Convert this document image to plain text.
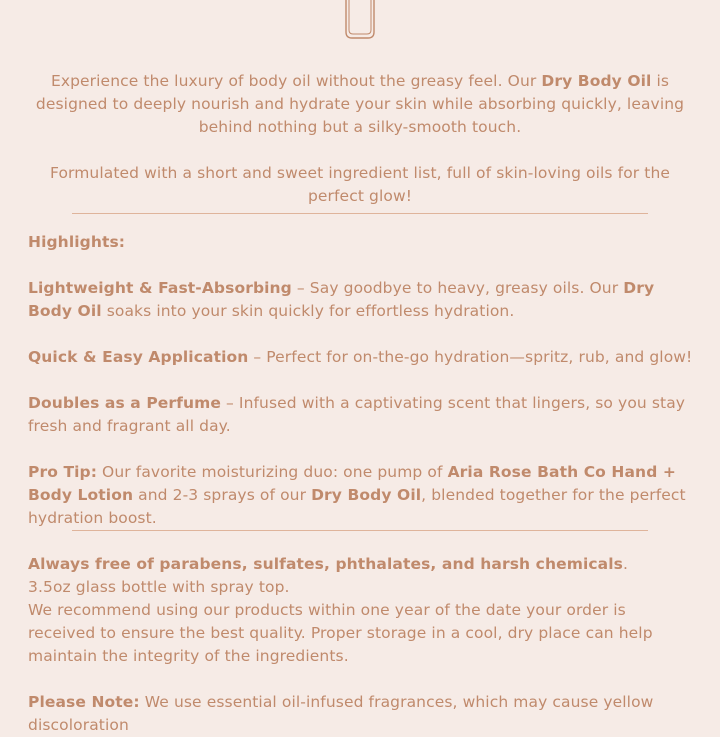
Experience the luxury of body oil without the greasy feel. Our Dry Body Oil is designed to deeply nourish and hydrate your skin while absorbing quickly, leaving behind nothing but a silky-smooth touch.

Formulated with a short and sweet ingredient list, full of skin-loving oils for the perfect glow!

Highlights:

Lightweight & Fast-Absorbing – Say goodbye to heavy, greasy oils. Our Dry Body Oil soaks into your skin quickly for effortless hydration.

Quick & Easy Application – Perfect for on-the-go hydration—spritz, rub, and glow!

Doubles as a Perfume – Infused with a captivating scent that lingers, so you stay fresh and fragrant all day.

Pro Tip: Our favorite moisturizing duo: one pump of Aria Rose Bath Co Hand + Body Lotion and 2-3 sprays of our Dry Body Oil, blended together for the perfect hydration boost.

Always free of parabens, sulfates, phthalates, and harsh chemicals.

3.5oz glass bottle with spray top.

We recommend using our products within one year of the date your order is received to ensure the best quality. Proper storage in a cool, dry place can help maintain the integrity of the ingredients.

Please Note: We use essential oil-infused fragrances, which may cause yellow discoloration
